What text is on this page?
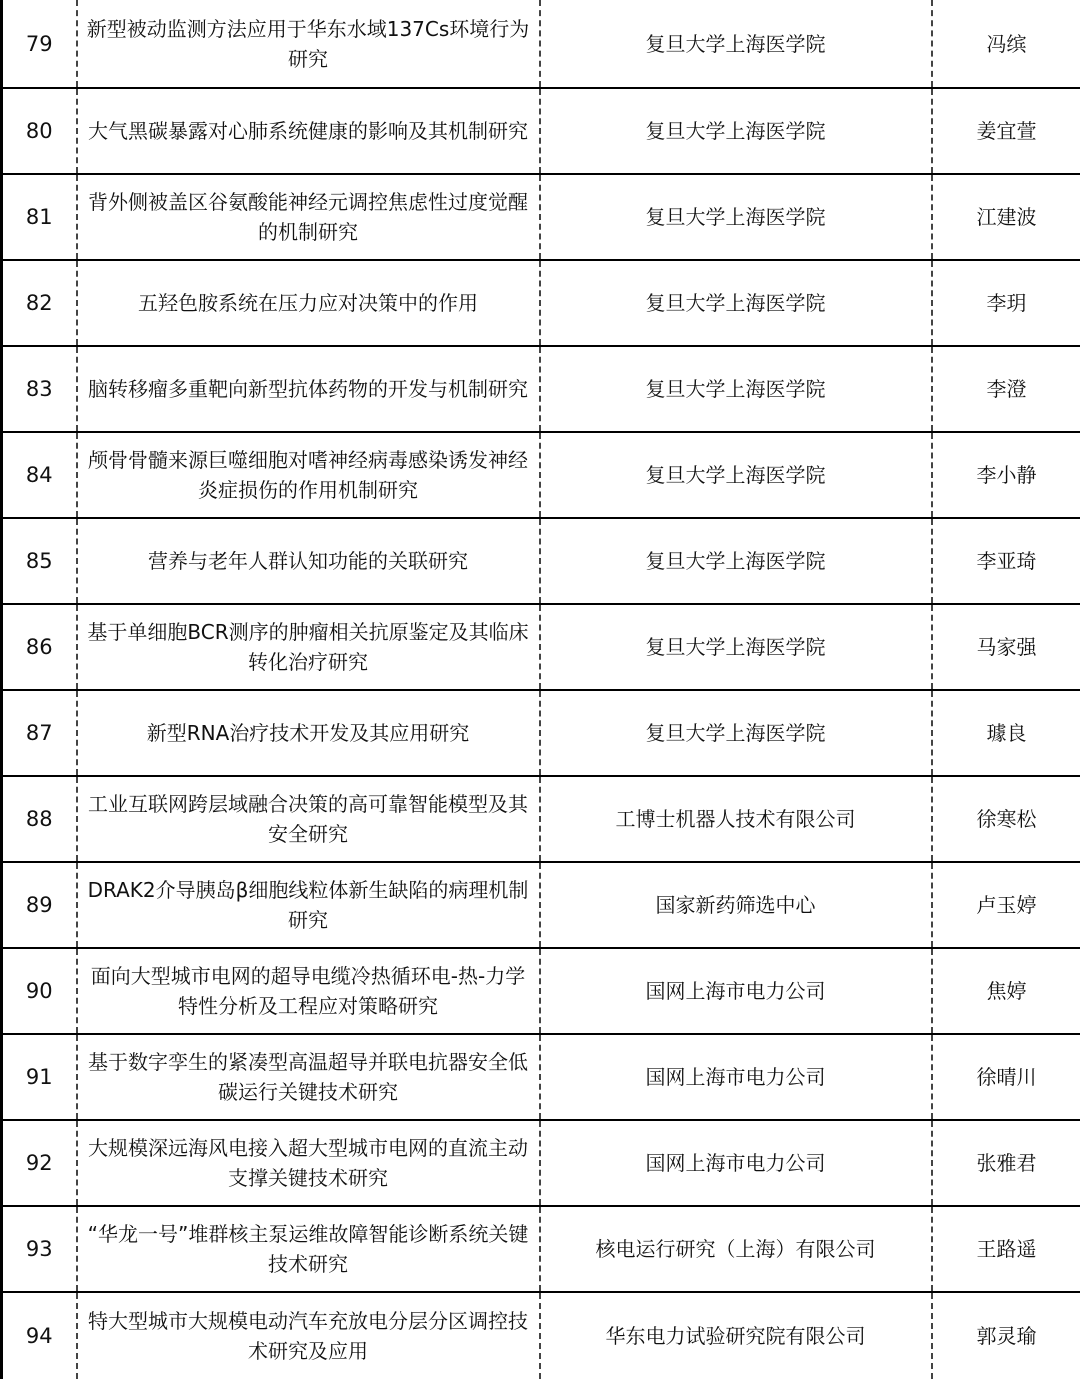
79	新型被动监测方法应用于华东水域137Cs环境行为研究	复旦大学上海医学院	冯缤
80	大气黑碳暴露对心肺系统健康的影响及其机制研究	复旦大学上海医学院	姜宜萱
81	背外侧被盖区谷氨酸能神经元调控焦虑性过度觉醒的机制研究	复旦大学上海医学院	江建波
82	五羟色胺系统在压力应对决策中的作用	复旦大学上海医学院	李玥
83	脑转移瘤多重靶向新型抗体药物的开发与机制研究	复旦大学上海医学院	李澄
84	颅骨骨髓来源巨噬细胞对嗜神经病毒感染诱发神经炎症损伤的作用机制研究	复旦大学上海医学院	李小静
85	营养与老年人群认知功能的关联研究	复旦大学上海医学院	李亚琦
86	基于单细胞BCR测序的肿瘤相关抗原鉴定及其临床转化治疗研究	复旦大学上海医学院	马家强
87	新型RNA治疗技术开发及其应用研究	复旦大学上海医学院	璩良
88	工业互联网跨层域融合决策的高可靠智能模型及其安全研究	工博士机器人技术有限公司	徐寒松
89	DRAK2介导胰岛β细胞线粒体新生缺陷的病理机制研究	国家新药筛选中心	卢玉婷
90	面向大型城市电网的超导电缆冷热循环电-热-力学特性分析及工程应对策略研究	国网上海市电力公司	焦婷
91	基于数字孪生的紧凑型高温超导并联电抗器安全低碳运行关键技术研究	国网上海市电力公司	徐晴川
92	大规模深远海风电接入超大型城市电网的直流主动支撑关键技术研究	国网上海市电力公司	张雅君
93	“华龙一号”堆群核主泵运维故障智能诊断系统关键技术研究	核电运行研究（上海）有限公司	王路遥
94	特大型城市大规模电动汽车充放电分层分区调控技术研究及应用	华东电力试验研究院有限公司	郭灵瑜
